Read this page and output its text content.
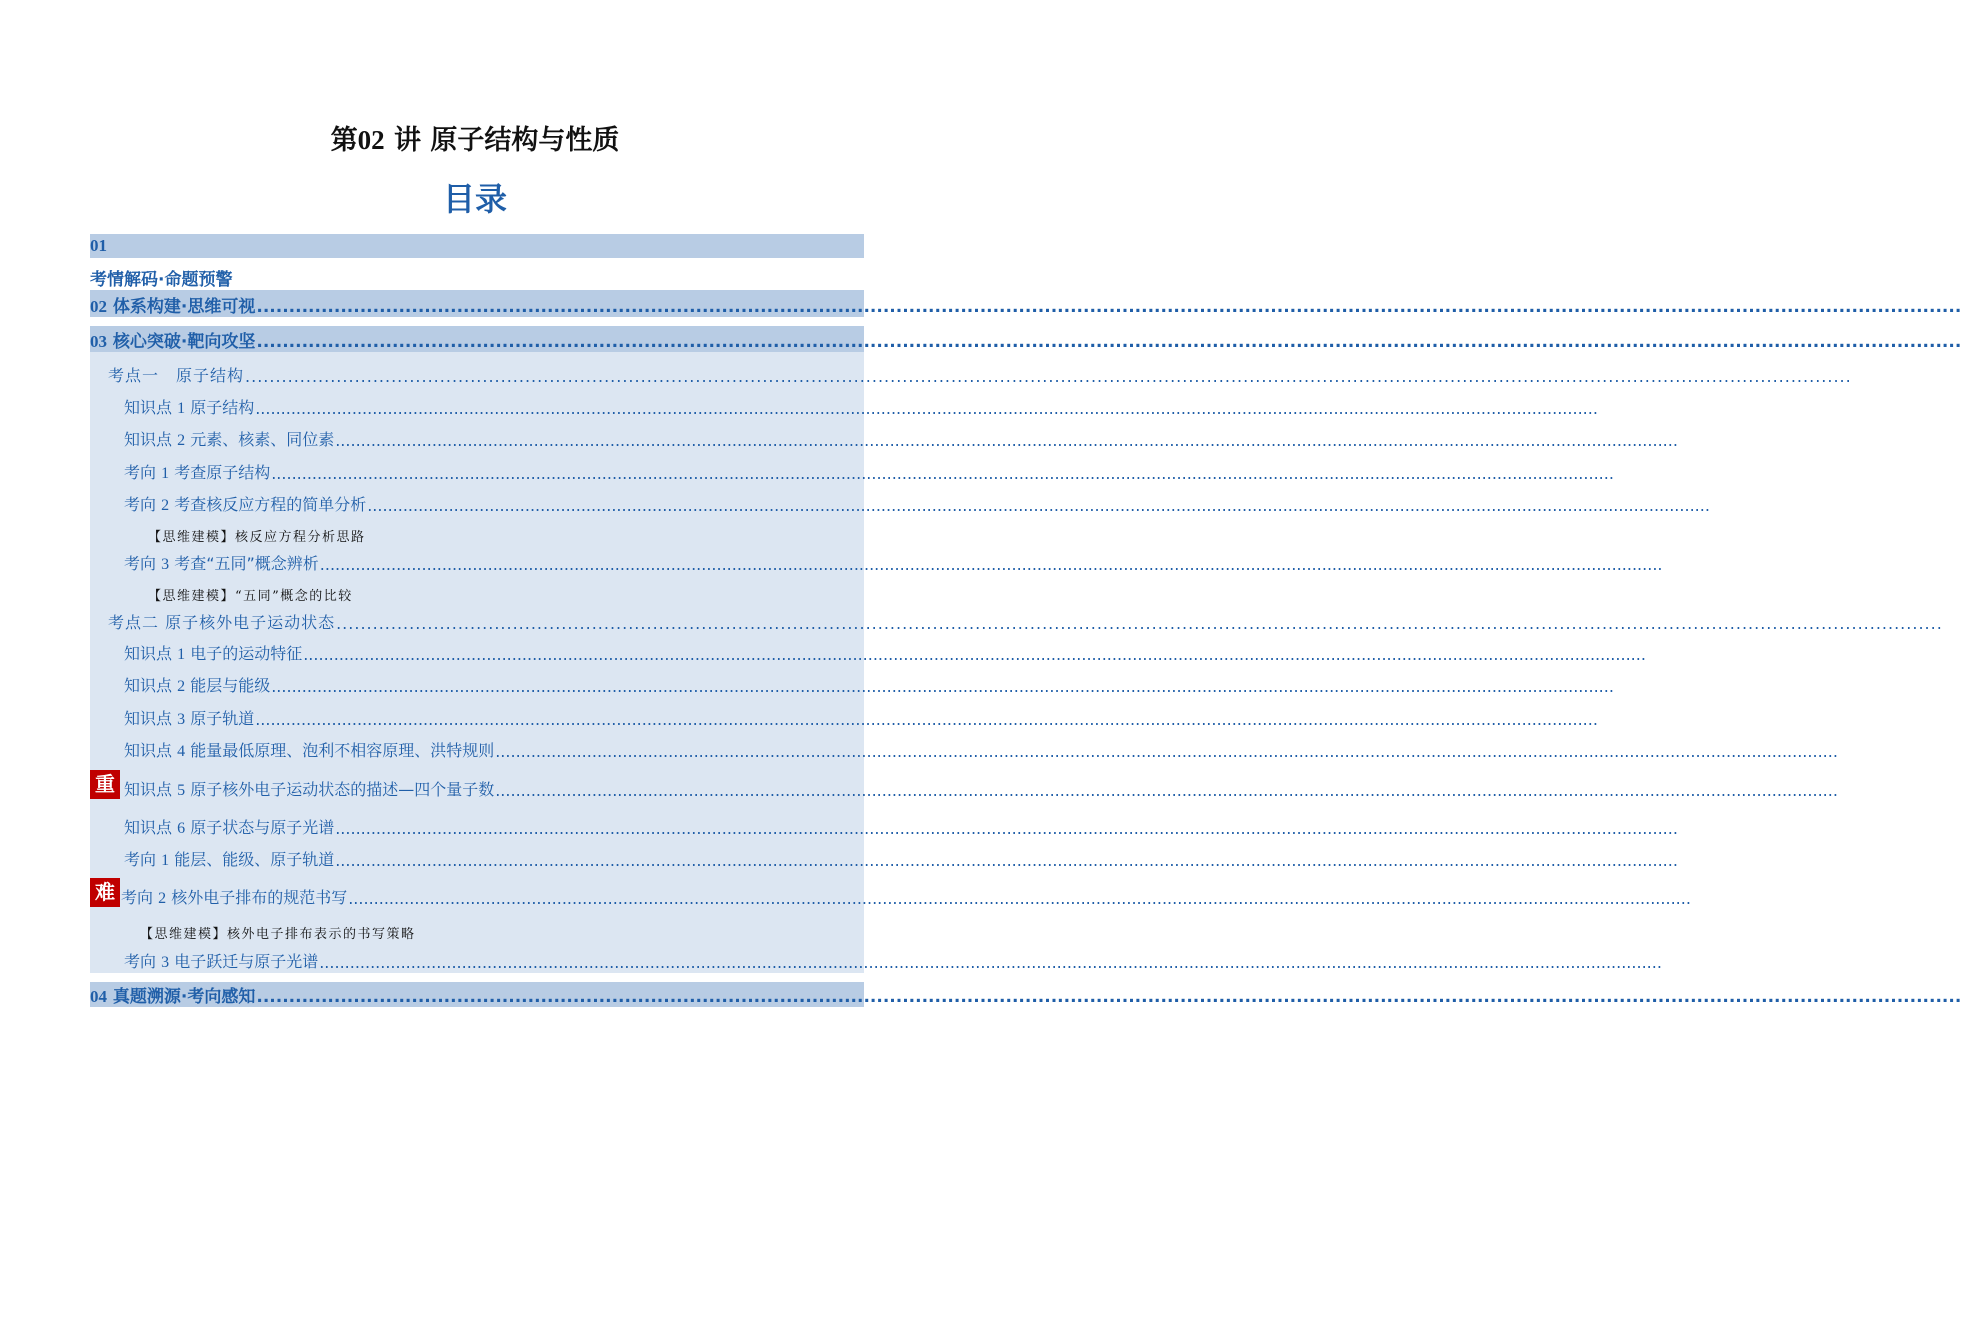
第02 讲 原子结构与性质
目录
01
考情解码·命题预警
02 体系构建·思维可视 ........................................................................................................................................................................................................................................................................
03 核心突破·靶向攻坚 ........................................................................................................................................................................................................................................................................
考点一　原子结构 ........................................................................................................................................................................................................................................................................
知识点 1 原子结构 ........................................................................................................................................................................................................................................................................
知识点 2 元素、核素、同位素 ........................................................................................................................................................................................................................................................................
考向 1 考查原子结构 ........................................................................................................................................................................................................................................................................
考向 2 考查核反应方程的简单分析 ........................................................................................................................................................................................................................................................................
【思维建模】核反应方程分析思路
考向 3 考查“五同”概念辨析 ........................................................................................................................................................................................................................................................................
【思维建模】“五同”概念的比较
考点二 原子核外电子运动状态 ........................................................................................................................................................................................................................................................................
知识点 1 电子的运动特征 ........................................................................................................................................................................................................................................................................
知识点 2 能层与能级 ........................................................................................................................................................................................................................................................................
知识点 3 原子轨道 ........................................................................................................................................................................................................................................................................
知识点 4 能量最低原理、泡利不相容原理、洪特规则 ........................................................................................................................................................................................................................................................................
重 知识点 5 原子核外电子运动状态的描述—四个量子数 ........................................................................................................................................................................................................................................................................
知识点 6 原子状态与原子光谱 ........................................................................................................................................................................................................................................................................
考向 1 能层、能级、原子轨道 ........................................................................................................................................................................................................................................................................
难 考向 2 核外电子排布的规范书写 ........................................................................................................................................................................................................................................................................
【思维建模】核外电子排布表示的书写策略
考向 3 电子跃迁与原子光谱 ........................................................................................................................................................................................................................................................................
04 真题溯源·考向感知 ........................................................................................................................................................................................................................................................................
